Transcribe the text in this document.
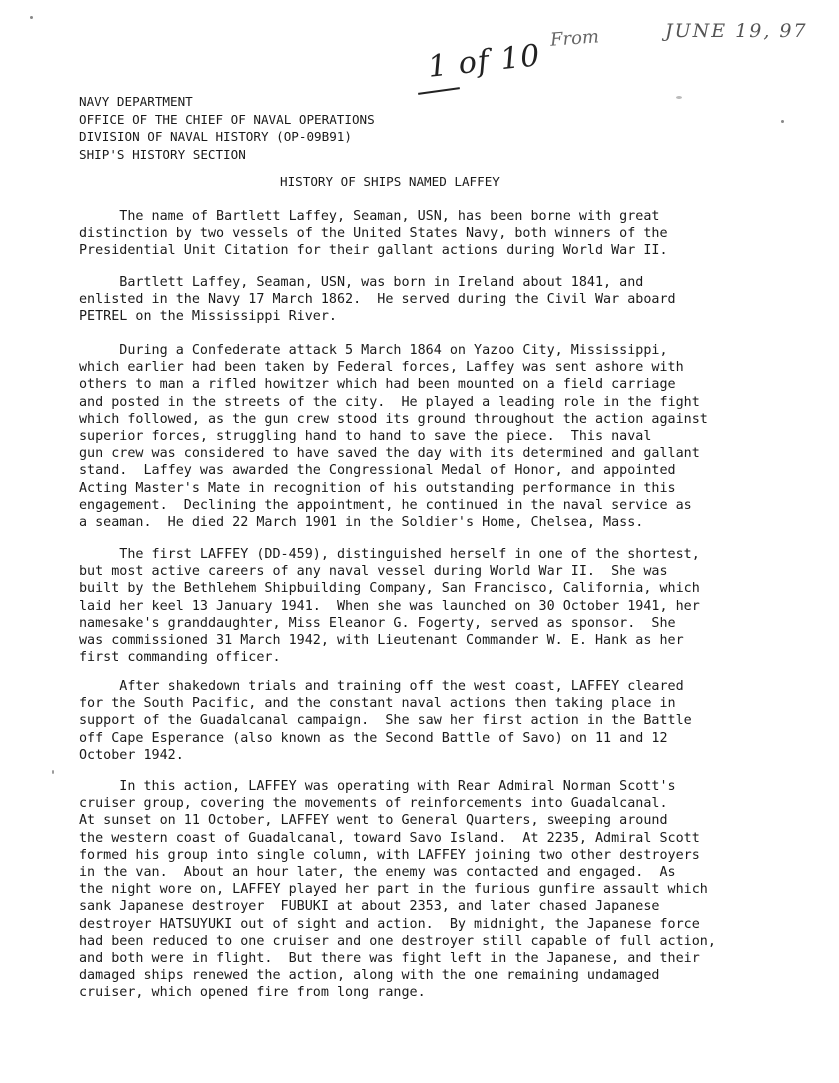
1 of 10 From	JUNE 19, 97
NAVY DEPARTMENT
OFFICE OF THE CHIEF OF NAVAL OPERATIONS
DIVISION OF NAVAL HISTORY (OP-09B91)
SHIP'S HISTORY SECTION
HISTORY OF SHIPS NAMED LAFFEY

The name of Bartlett Laffey, Seaman, USN, has been borne with great
distinction by two vessels of the United States Navy, both winners of the
Presidential Unit Citation for their gallant actions during World War II.

Bartlett Laffey, Seaman, USN, was born in Ireland about 1841, and
enlisted in the Navy 17 March 1862.  He served during the Civil War aboard
PETREL on the Mississippi River.

During a Confederate attack 5 March 1864 on Yazoo City, Mississippi,
which earlier had been taken by Federal forces, Laffey was sent ashore with
others to man a rifled howitzer which had been mounted on a field carriage
and posted in the streets of the city.  He played a leading role in the fight
which followed, as the gun crew stood its ground throughout the action against
superior forces, struggling hand to hand to save the piece.  This naval
gun crew was considered to have saved the day with its determined and gallant
stand.  Laffey was awarded the Congressional Medal of Honor, and appointed
Acting Master's Mate in recognition of his outstanding performance in this
engagement.  Declining the appointment, he continued in the naval service as
a seaman.  He died 22 March 1901 in the Soldier's Home, Chelsea, Mass.

The first LAFFEY (DD-459), distinguished herself in one of the shortest,
but most active careers of any naval vessel during World War II.  She was
built by the Bethlehem Shipbuilding Company, San Francisco, California, which
laid her keel 13 January 1941.  When she was launched on 30 October 1941, her
namesake's granddaughter, Miss Eleanor G. Fogerty, served as sponsor.  She
was commissioned 31 March 1942, with Lieutenant Commander W. E. Hank as her
first commanding officer.

After shakedown trials and training off the west coast, LAFFEY cleared
for the South Pacific, and the constant naval actions then taking place in
support of the Guadalcanal campaign.  She saw her first action in the Battle
off Cape Esperance (also known as the Second Battle of Savo) on 11 and 12
October 1942.

In this action, LAFFEY was operating with Rear Admiral Norman Scott's
cruiser group, covering the movements of reinforcements into Guadalcanal.
At sunset on 11 October, LAFFEY went to General Quarters, sweeping around
the western coast of Guadalcanal, toward Savo Island.  At 2235, Admiral Scott
formed his group into single column, with LAFFEY joining two other destroyers
in the van.  About an hour later, the enemy was contacted and engaged.  As
the night wore on, LAFFEY played her part in the furious gunfire assault which
sank Japanese destroyer  FUBUKI at about 2353, and later chased Japanese
destroyer HATSUYUKI out of sight and action.  By midnight, the Japanese force
had been reduced to one cruiser and one destroyer still capable of full action,
and both were in flight.  But there was fight left in the Japanese, and their
damaged ships renewed the action, along with the one remaining undamaged
cruiser, which opened fire from long range.
